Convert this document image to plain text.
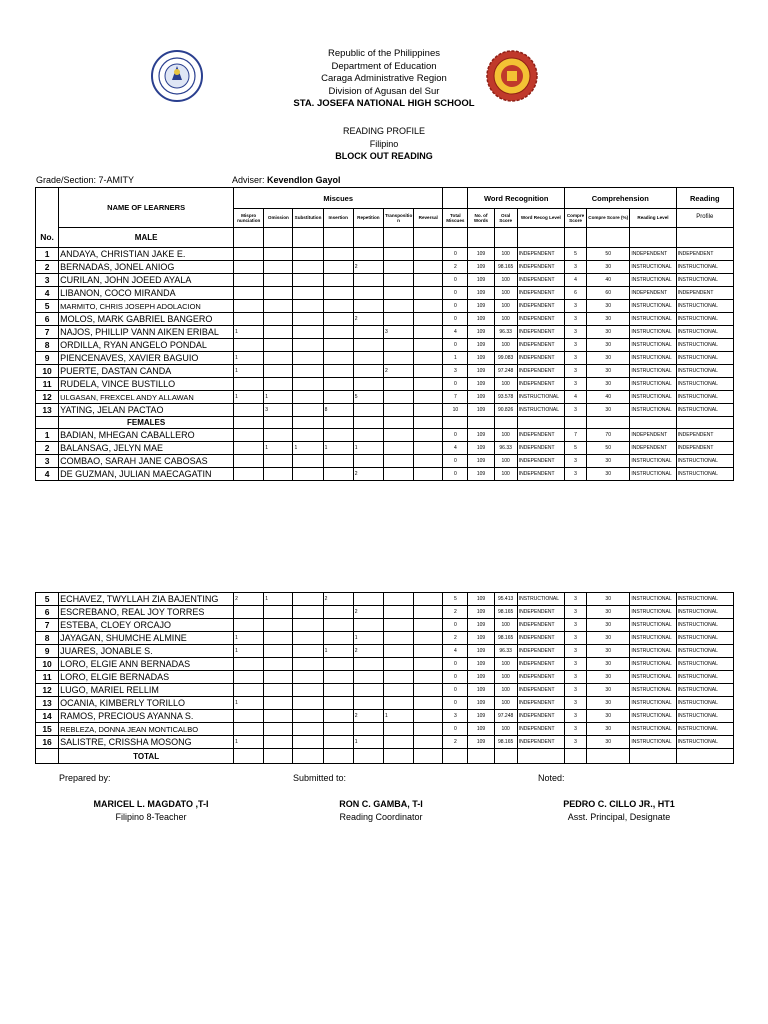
Republic of the Philippines
Department of Education
Caraga Administrative Region
Division of Agusan del Sur
STA. JOSEFA NATIONAL HIGH SCHOOL
READING PROFILE
Filipino
BLOCK OUT READING
Grade/Section: 7-AMITY	Adviser: Kevendlon Gayol
	NAME OF LEARNERS	Miscues								Word Recognition			Comprehension			Reading
		Mispro nunciation	Omission	Substitution	Insertion	Repetition	Transpositio n	Reversal	Total Miscues	No. of Words	Oral Score	Word Recog Level	Compre Score	Compre Score (%)	Reading Level	Profile
No.	MALE															
1	ANDAYA, CHRISTIAN JAKE E.								0	109	100	INDEPENDENT	5	50	INDEPENDENT	INDEPENDENT
2	BERNADAS, JONEL ANIOG					2			2	109	98.165	INDEPENDENT	3	30	INSTRUCTIONAL	INSTRUCTIONAL
3	CURILAN, JOHN JOEED AYALA								0	109	100	INDEPENDENT	4	40	INSTRUCTIONAL	INSTRUCTIONAL
4	LIBANON, COCO MIRANDA								0	109	100	INDEPENDENT	6	60	INDEPENDENT	INDEPENDENT
5	MARMITO, CHRIS JOSEPH ADOLACION								0	109	100	INDEPENDENT	3	30	INSTRUCTIONAL	INSTRUCTIONAL
6	MOLOS, MARK GABRIEL BANGERO					2			0	109	100	INDEPENDENT	3	30	INSTRUCTIONAL	INSTRUCTIONAL
7	NAJOS, PHILLIP VANN AIKEN ERIBAL	1					3		4	109	96.33	INDEPENDENT	3	30	INSTRUCTIONAL	INSTRUCTIONAL
8	ORDILLA, RYAN ANGELO PONDAL								0	109	100	INDEPENDENT	3	30	INSTRUCTIONAL	INSTRUCTIONAL
9	PIENCENAVES, XAVIER BAGUIO	1							1	109	99.083	INDEPENDENT	3	30	INSTRUCTIONAL	INSTRUCTIONAL
10	PUERTE, DASTAN CANDA	1					2		3	109	97.248	INDEPENDENT	3	30	INSTRUCTIONAL	INSTRUCTIONAL
11	RUDELA, VINCE BUSTILLO								0	109	100	INDEPENDENT	3	30	INSTRUCTIONAL	INSTRUCTIONAL
12	ULGASAN, FREXCEL ANDY ALLAWAN	1	1			5			7	109	93.578	INSTRUCTIONAL	4	40	INSTRUCTIONAL	INSTRUCTIONAL
13	YATING, JELAN PACTAO		3		8				10	109	90.826	INSTRUCTIONAL	3	30	INSTRUCTIONAL	INSTRUCTIONAL
	FEMALES															
1	BADIAN, MHEGAN CABALLERO								0	109	100	INDEPENDENT	7	70	INDEPENDENT	INDEPENDENT
2	BALANSAG, JELYN MAE		1	1	1	1			4	109	96.33	INDEPENDENT	5	50	INDEPENDENT	INDEPENDENT
3	COMBAO, SARAH JANE CABOSAS								0	109	100	INDEPENDENT	3	30	INSTRUCTIONAL	INSTRUCTIONAL
4	DE GUZMAN, JULIAN MAECAGATIN					2			0	109	100	INDEPENDENT	3	30	INSTRUCTIONAL	INSTRUCTIONAL
5	ECHAVEZ, TWYLLAH ZIA BAJENTING	2	1		2				5	109	95.413	INSTRUCTIONAL	3	30	INSTRUCTIONAL	INSTRUCTIONAL
6	ESCREBANO, REAL JOY TORRES					2			2	109	98.165	INDEPENDENT	3	30	INSTRUCTIONAL	INSTRUCTIONAL
7	ESTEBA, CLOEY ORCAJO								0	109	100	INDEPENDENT	3	30	INSTRUCTIONAL	INSTRUCTIONAL
8	JAYAGAN, SHUMCHE ALMINE	1				1			2	109	98.165	INDEPENDENT	3	30	INSTRUCTIONAL	INSTRUCTIONAL
9	JUARES, JONABLE S.	1			1	2			4	109	96.33	INDEPENDENT	3	30	INSTRUCTIONAL	INSTRUCTIONAL
10	LORO, ELGIE ANN BERNADAS								0	109	100	INDEPENDENT	3	30	INSTRUCTIONAL	INSTRUCTIONAL
11	LORO, ELGIE BERNADAS								0	109	100	INDEPENDENT	3	30	INSTRUCTIONAL	INSTRUCTIONAL
12	LUGO, MARIEL RELLIM								0	109	100	INDEPENDENT	3	30	INSTRUCTIONAL	INSTRUCTIONAL
13	OCANIA, KIMBERLY TORILLO	1							0	109	100	INDEPENDENT	3	30	INSTRUCTIONAL	INSTRUCTIONAL
14	RAMOS, PRECIOUS AYANNA S.					2	1		3	109	97.248	INDEPENDENT	3	30	INSTRUCTIONAL	INSTRUCTIONAL
15	REBLEZA, DONNA JEAN MONTICALBO								0	109	100	INDEPENDENT	3	30	INSTRUCTIONAL	INSTRUCTIONAL
16	SALISTRE, CRISSHA MOSONG	1				1			2	109	98.165	INDEPENDENT	3	30	INSTRUCTIONAL	INSTRUCTIONAL
	TOTAL															
Prepared by:	Submitted to:	Noted:
MARICEL L. MAGDATO ,T-I
Filipino 8-Teacher
RON C. GAMBA, T-I
Reading Coordinator
PEDRO C. CILLO JR., HT1
Asst. Principal, Designate
